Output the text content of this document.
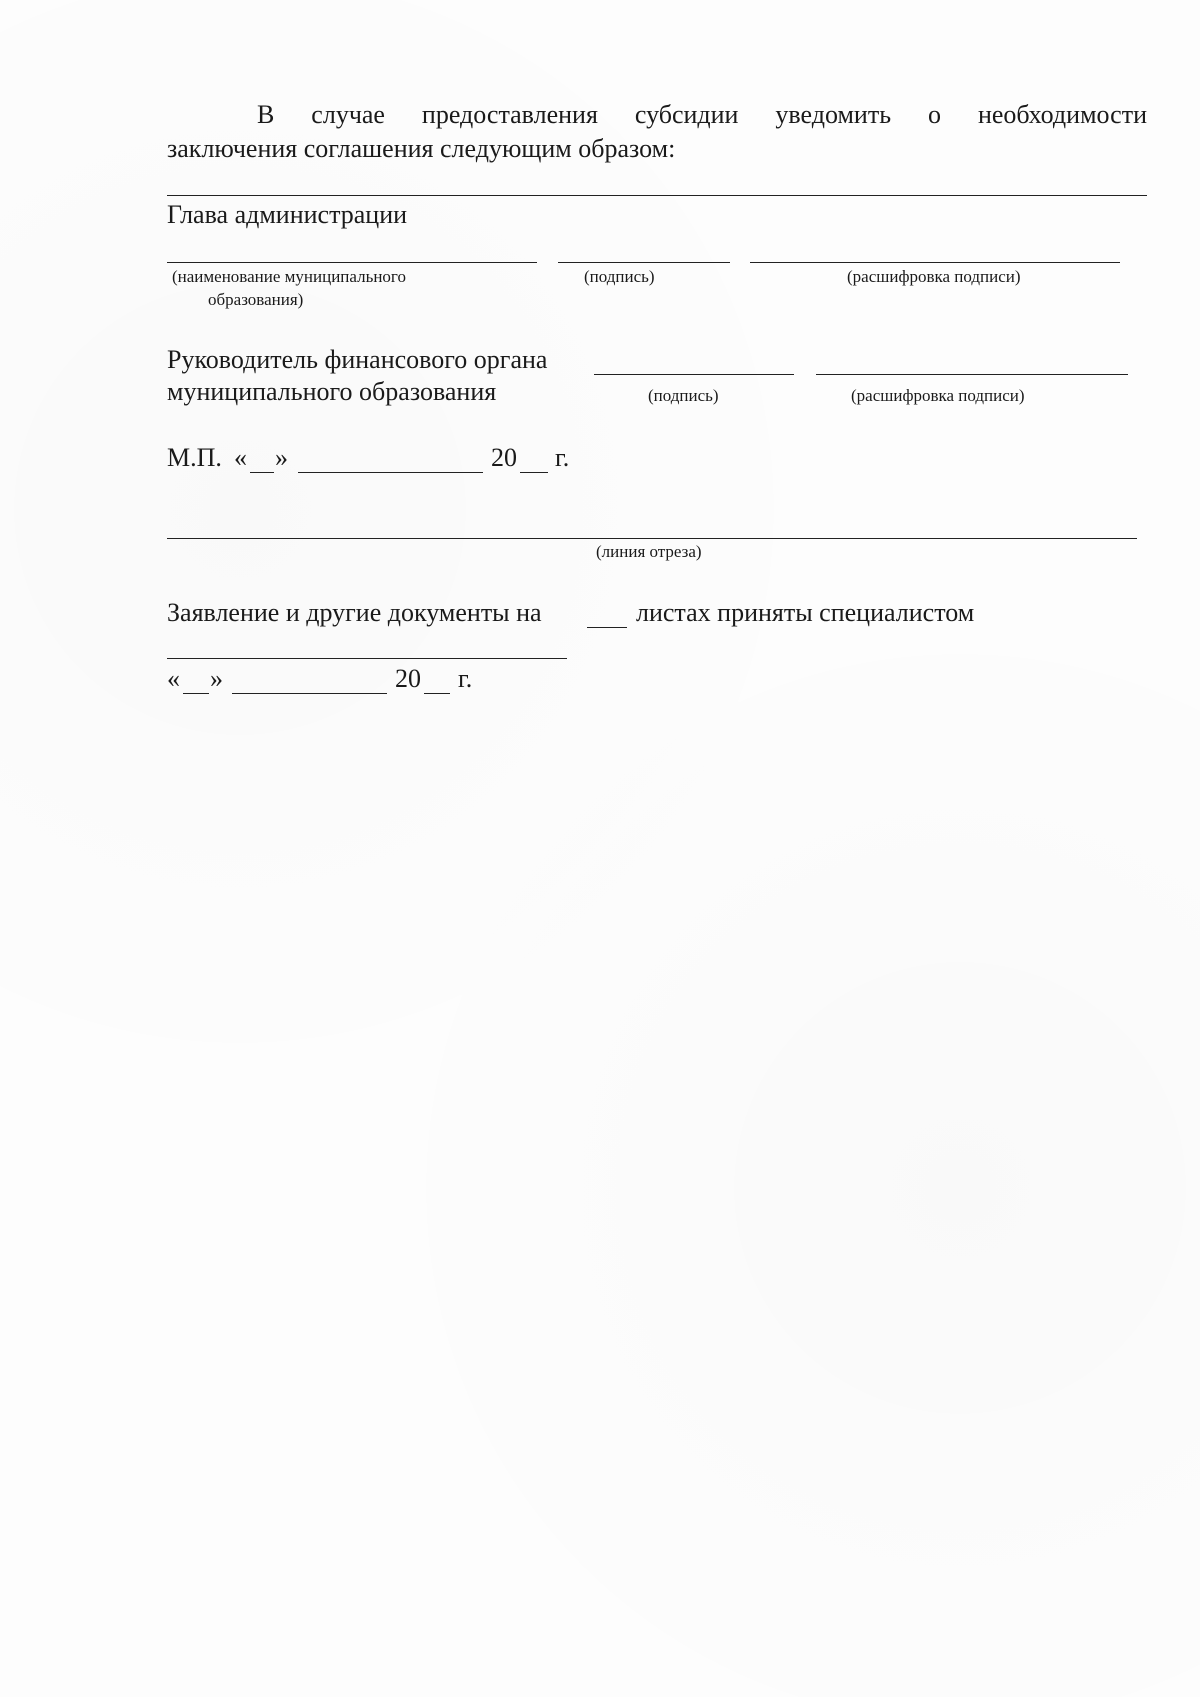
В случае предоставления субсидии уведомить о необходимости
заключения соглашения следующим образом:
Глава администрации
(наименование муниципального
образования)
(подпись)	(расшифровка подписи)
Руководитель финансового органа
муниципального образования	(подпись)	(расшифровка подписи)
М.П. « »	20 г.
(линия отреза)
Заявление и другие документы на	листах приняты специалистом
« »	20 г.
